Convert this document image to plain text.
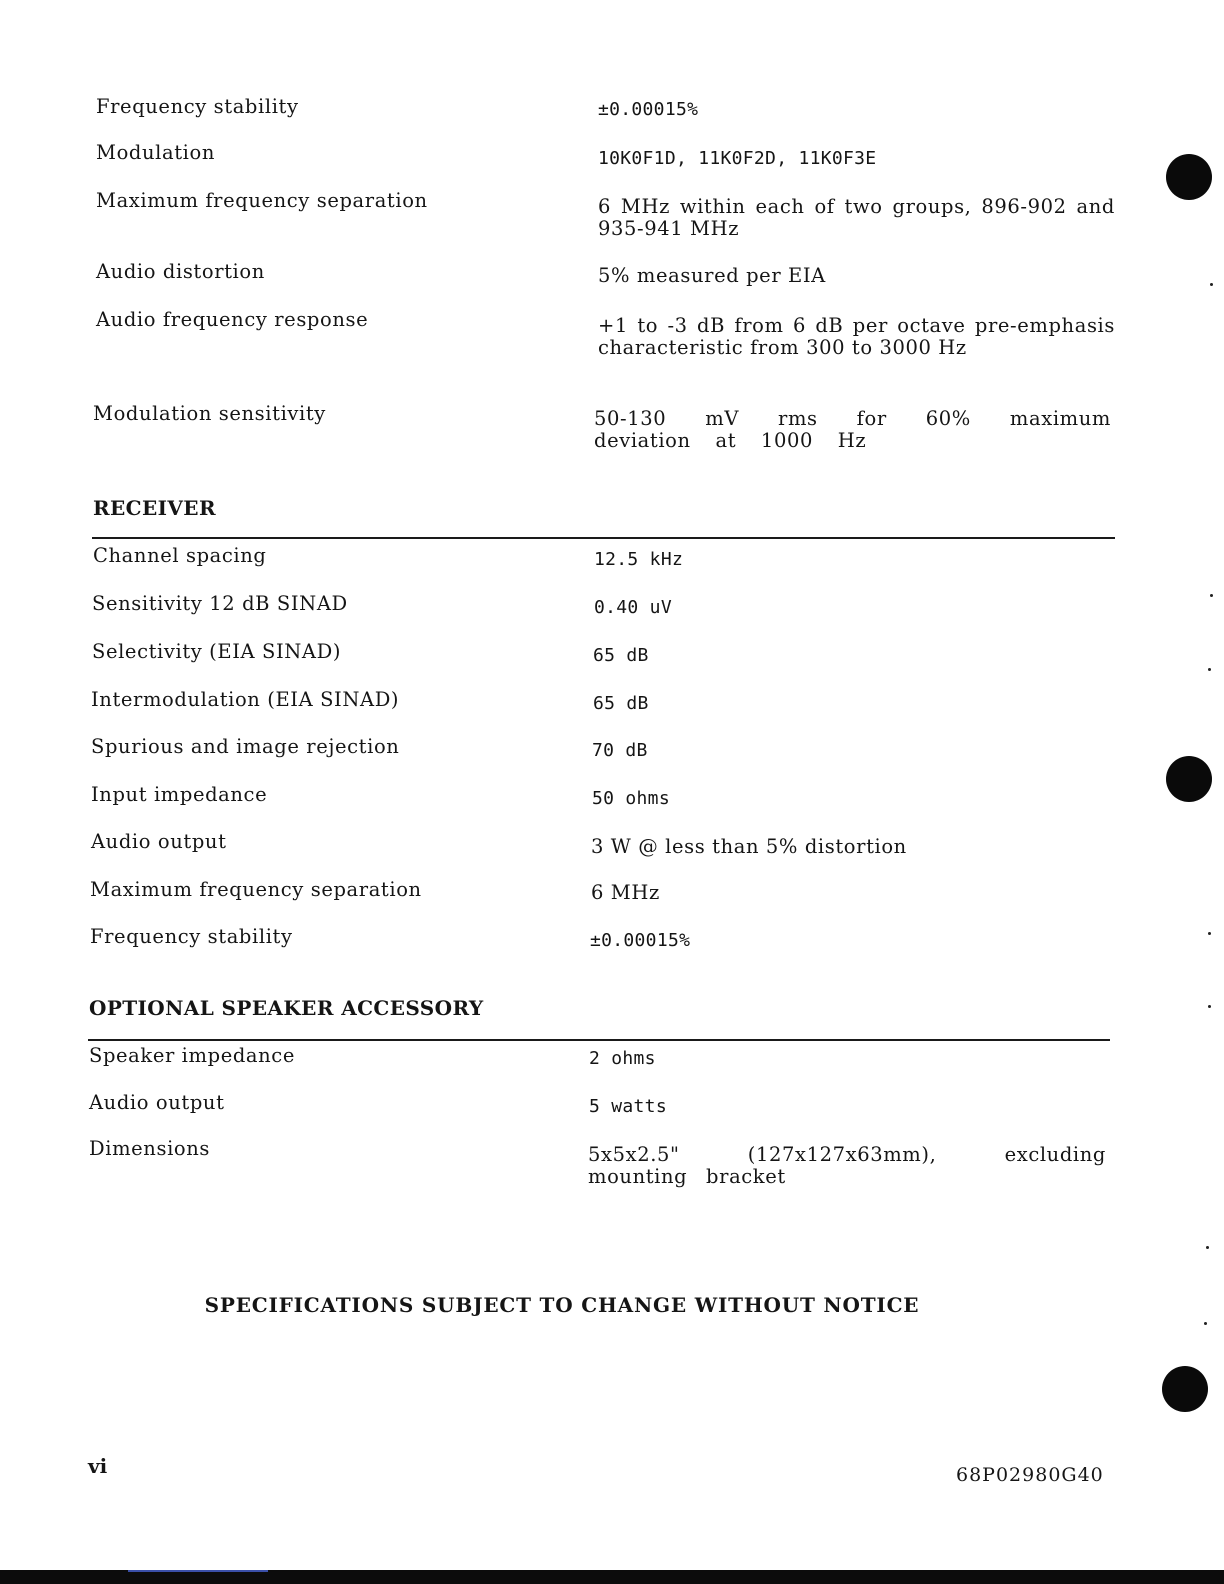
Frequency stability	±0.00015%
Modulation	10K0F1D, 11K0F2D, 11K0F3E
Maximum frequency separation	6 MHz within each of two groups, 896-902 and 935-941 MHz
Audio distortion	5% measured per EIA
Audio frequency response	+1 to -3 dB from 6 dB per octave pre-emphasis characteristic from 300 to 3000 Hz
Modulation sensitivity	50-130 mV rms for 60% maximum deviation at 1000 Hz
RECEIVER
Channel spacing	12.5 kHz
Sensitivity 12 dB SINAD	0.40 uV
Selectivity (EIA SINAD)	65 dB
Intermodulation (EIA SINAD)	65 dB
Spurious and image rejection	70 dB
Input impedance	50 ohms
Audio output	3 W @ less than 5% distortion
Maximum frequency separation	6 MHz
Frequency stability	±0.00015%
OPTIONAL SPEAKER ACCESSORY
Speaker impedance	2 ohms
Audio output	5 watts
Dimensions	5x5x2.5" (127x127x63mm), excluding mounting bracket
SPECIFICATIONS SUBJECT TO CHANGE WITHOUT NOTICE
vi	68P02980G40
